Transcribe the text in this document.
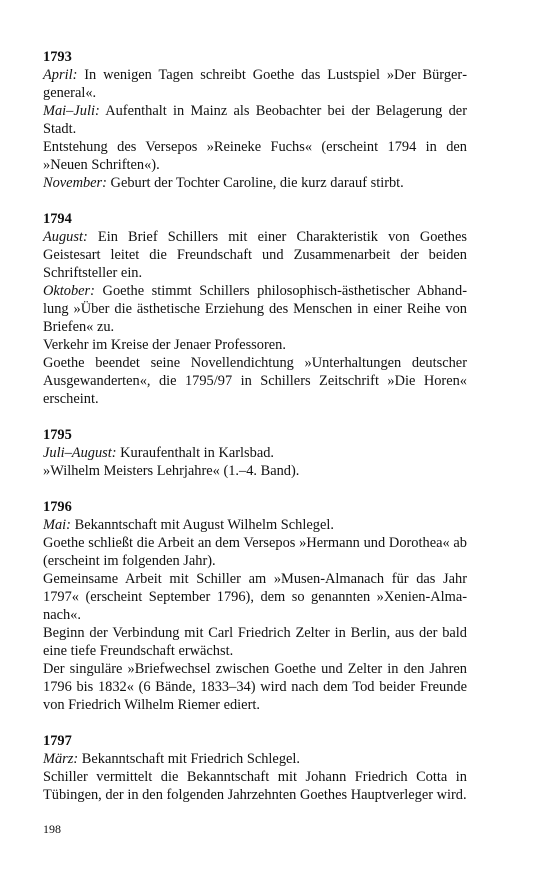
1793

April: In wenigen Tagen schreibt Goethe das Lustspiel »Der Bürgergeneral«.

Mai–Juli: Aufenthalt in Mainz als Beobachter bei der Belagerung der Stadt.

Entstehung des Versepos »Reineke Fuchs« (erscheint 1794 in den »Neuen Schriften«).

November: Geburt der Tochter Caroline, die kurz darauf stirbt.

1794

August: Ein Brief Schillers mit einer Charakteristik von Goethes Geistesart leitet die Freundschaft und Zusammenarbeit der beiden Schriftsteller ein.

Oktober: Goethe stimmt Schillers philosophisch-ästhetischer Abhandlung »Über die ästhetische Erziehung des Menschen in einer Reihe von Briefen« zu.

Verkehr im Kreise der Jenaer Professoren.

Goethe beendet seine Novellendichtung »Unterhaltungen deutscher Ausgewanderten«, die 1795/97 in Schillers Zeitschrift »Die Horen« erscheint.

1795

Juli–August: Kuraufenthalt in Karlsbad.

»Wilhelm Meisters Lehrjahre« (1.–4. Band).

1796

Mai: Bekanntschaft mit August Wilhelm Schlegel.

Goethe schließt die Arbeit an dem Versepos »Hermann und Dorothea« ab (erscheint im folgenden Jahr).

Gemeinsame Arbeit mit Schiller am »Musen-Almanach für das Jahr 1797« (erscheint September 1796), dem so genannten »Xenien-Almanach«.

Beginn der Verbindung mit Carl Friedrich Zelter in Berlin, aus der bald eine tiefe Freundschaft erwächst.

Der singuläre »Briefwechsel zwischen Goethe und Zelter in den Jahren 1796 bis 1832« (6 Bände, 1833–34) wird nach dem Tod beider Freunde von Friedrich Wilhelm Riemer ediert.

1797

März: Bekanntschaft mit Friedrich Schlegel.

Schiller vermittelt die Bekanntschaft mit Johann Friedrich Cotta in Tübingen, der in den folgenden Jahrzehnten Goethes Hauptverleger wird.

198
